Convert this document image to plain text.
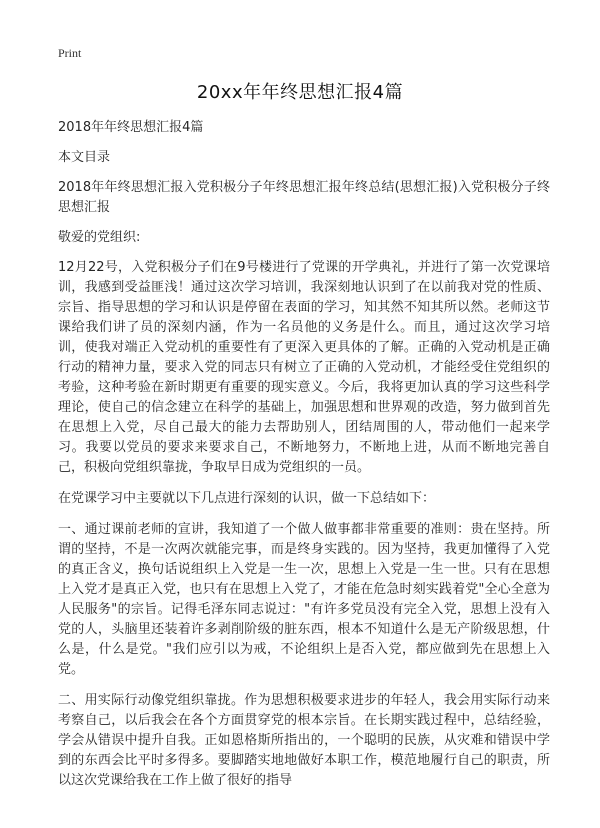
Print
20xx年年终思想汇报4篇

2018年年终思想汇报4篇

本文目录

2018年年终思想汇报入党积极分子年终思想汇报年终总结(思想汇报)入党积极分子终思想汇报

敬爱的党组织:

12月22号，入党积极分子们在9号楼进行了党课的开学典礼，并进行了第一次党课培训，我感到受益匪浅！通过这次学习培训，我深刻地认识到了在以前我对党的性质、宗旨、指导思想的学习和认识是停留在表面的学习，知其然不知其所以然。老师这节课给我们讲了员的深刻内涵，作为一名员他的义务是什么。而且，通过这次学习培训，使我对端正入党动机的重要性有了更深入更具体的了解。正确的入党动机是正确行动的精神力量，要求入党的同志只有树立了正确的入党动机，才能经受住党组织的考验，这种考验在新时期更有重要的现实意义。今后，我将更加认真的学习这些科学理论，使自己的信念建立在科学的基础上，加强思想和世界观的改造，努力做到首先在思想上入党，尽自己最大的能力去帮助别人，团结周围的人，带动他们一起来学习。我要以党员的要求来要求自己，不断地努力，不断地上进，从而不断地完善自己，积极向党组织靠拢，争取早日成为党组织的一员。

在党课学习中主要就以下几点进行深刻的认识，做一下总结如下：

一、通过课前老师的宣讲，我知道了一个做人做事都非常重要的准则：贵在坚持。所谓的坚持，不是一次两次就能完事，而是终身实践的。因为坚持，我更加懂得了入党的真正含义，换句话说组织上入党是一生一次，思想上入党是一生一世。只有在思想上入党才是真正入党，也只有在思想上入党了，才能在危急时刻实践着党"全心全意为人民服务"的宗旨。记得毛泽东同志说过："有许多党员没有完全入党，思想上没有入党的人，头脑里还装着许多剥削阶级的脏东西，根本不知道什么是无产阶级思想，什么是，什么是党。"我们应引以为戒，不论组织上是否入党，都应做到先在思想上入党。

二、用实际行动像党组织靠拢。作为思想积极要求进步的年轻人，我会用实际行动来考察自己，以后我会在各个方面贯穿党的根本宗旨。在长期实践过程中，总结经验，学会从错误中提升自我。正如恩格斯所指出的，一个聪明的民族，从灾难和错误中学到的东西会比平时多得多。要脚踏实地地做好本职工作，模范地履行自己的职责，所以这次党课给我在工作上做了很好的指导
